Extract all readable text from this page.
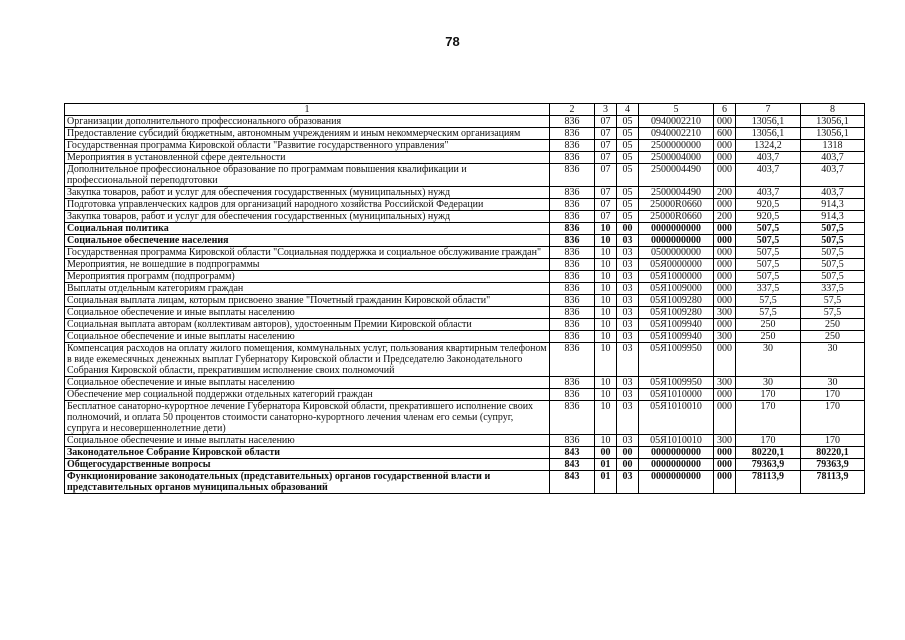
78
1	2	3	4	5	6	7	8
Организации дополнительного профессионального образования	836	07	05	0940002210	000	13056,1	13056,1
Предоставление субсидий бюджетным, автономным учреждениям и иным некоммерческим организациям	836	07	05	0940002210	600	13056,1	13056,1
Государственная программа Кировской области "Развитие государственного управления"	836	07	05	2500000000	000	1324,2	1318
Мероприятия в установленной сфере деятельности	836	07	05	2500004000	000	403,7	403,7
Дополнительное профессиональное образование по программам повышения квалификации и профессиональной переподготовки	836	07	05	2500004490	000	403,7	403,7
Закупка товаров, работ и услуг для обеспечения государственных (муниципальных) нужд	836	07	05	2500004490	200	403,7	403,7
Подготовка управленческих кадров для организаций народного хозяйства Российской Федерации	836	07	05	25000R0660	000	920,5	914,3
Закупка товаров, работ и услуг для обеспечения государственных (муниципальных) нужд	836	07	05	25000R0660	200	920,5	914,3
Социальная политика	836	10	00	0000000000	000	507,5	507,5
Социальное обеспечение населения	836	10	03	0000000000	000	507,5	507,5
Государственная программа Кировской области "Социальная поддержка и социальное обслуживание граждан"	836	10	03	0500000000	000	507,5	507,5
Мероприятия, не вошедшие в подпрограммы	836	10	03	05Я0000000	000	507,5	507,5
Мероприятия программ (подпрограмм)	836	10	03	05Я1000000	000	507,5	507,5
Выплаты отдельным категориям граждан	836	10	03	05Я1009000	000	337,5	337,5
Социальная выплата лицам, которым присвоено звание "Почетный гражданин Кировской области"	836	10	03	05Я1009280	000	57,5	57,5
Социальное обеспечение и иные выплаты населению	836	10	03	05Я1009280	300	57,5	57,5
Социальная выплата авторам (коллективам авторов), удостоенным Премии Кировской области	836	10	03	05Я1009940	000	250	250
Социальное обеспечение и иные выплаты населению	836	10	03	05Я1009940	300	250	250
Компенсация расходов на оплату жилого помещения, коммунальных услуг, пользования квартирным телефоном в виде ежемесячных денежных выплат Губернатору Кировской области и Председателю Законодательного Собрания Кировской области, прекратившим исполнение своих полномочий	836	10	03	05Я1009950	000	30	30
Социальное обеспечение и иные выплаты населению	836	10	03	05Я1009950	300	30	30
Обеспечение мер социальной поддержки отдельных категорий граждан	836	10	03	05Я1010000	000	170	170
Бесплатное санаторно-курортное лечение Губернатора Кировской области, прекратившего исполнение своих полномочий, и оплата 50 процентов стоимости санаторно-курортного лечения членам его семьи (супруг, супруга и несовершеннолетние дети)	836	10	03	05Я1010010	000	170	170
Социальное обеспечение и иные выплаты населению	836	10	03	05Я1010010	300	170	170
Законодательное Собрание Кировской области	843	00	00	0000000000	000	80220,1	80220,1
Общегосударственные вопросы	843	01	00	0000000000	000	79363,9	79363,9
Функционирование законодательных (представительных) органов государственной власти и представительных органов муниципальных образований	843	01	03	0000000000	000	78113,9	78113,9
